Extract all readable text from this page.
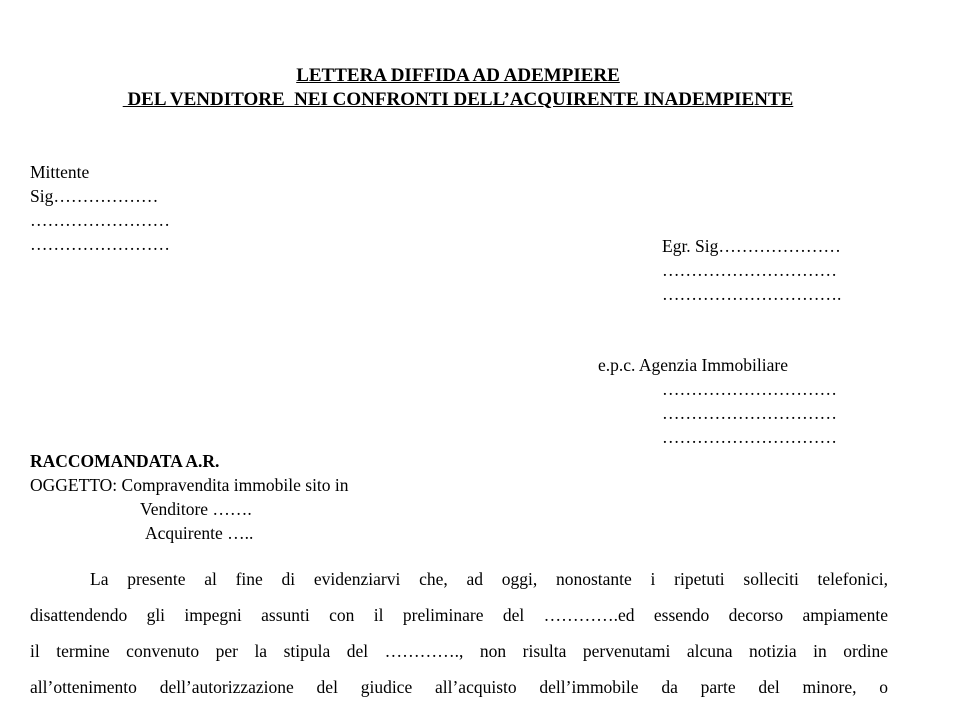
LETTERA DIFFIDA AD ADEMPIERE
DEL VENDITORE  NEI CONFRONTI DELL’ACQUIRENTE INADEMPIENTE
Mittente
Sig………………
……………………
……………………	Egr. Sig…………………
…………………………
………………………….
e.p.c. Agenzia Immobiliare
…………………………
…………………………
…………………………
RACCOMANDATA A.R.
OGGETTO: Compravendita immobile sito in
Venditore …….
Acquirente …..
La presente al fine di evidenziarvi che, ad oggi, nonostante i ripetuti solleciti telefonici,
disattendendo gli impegni assunti con il preliminare del ………….ed essendo decorso ampiamente
il termine convenuto per la stipula del …………., non risulta pervenutami alcuna notizia in ordine
all’ottenimento dell’autorizzazione del giudice all’acquisto dell’immobile da parte del minore, o
